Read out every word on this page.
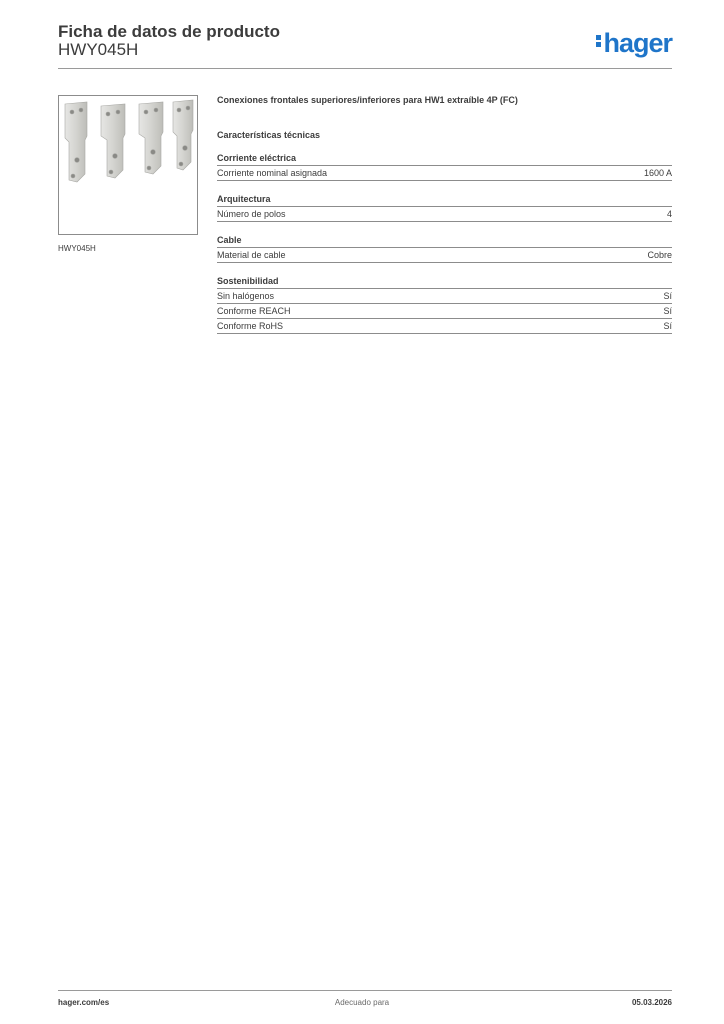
Ficha de datos de producto
HWY045H	hager
HWY045H
Conexiones frontales superiores/inferiores para HW1 extraíble 4P (FC)
Características técnicas
Corriente eléctrica
Corriente nominal asignada	1600 A
Arquitectura
Número de polos	4
Cable
Material de cable	Cobre
Sostenibilidad
Sin halógenos	Sí
Conforme REACH	Sí
Conforme RoHS	Sí
hager.com/es	Adecuado para	05.03.2026
